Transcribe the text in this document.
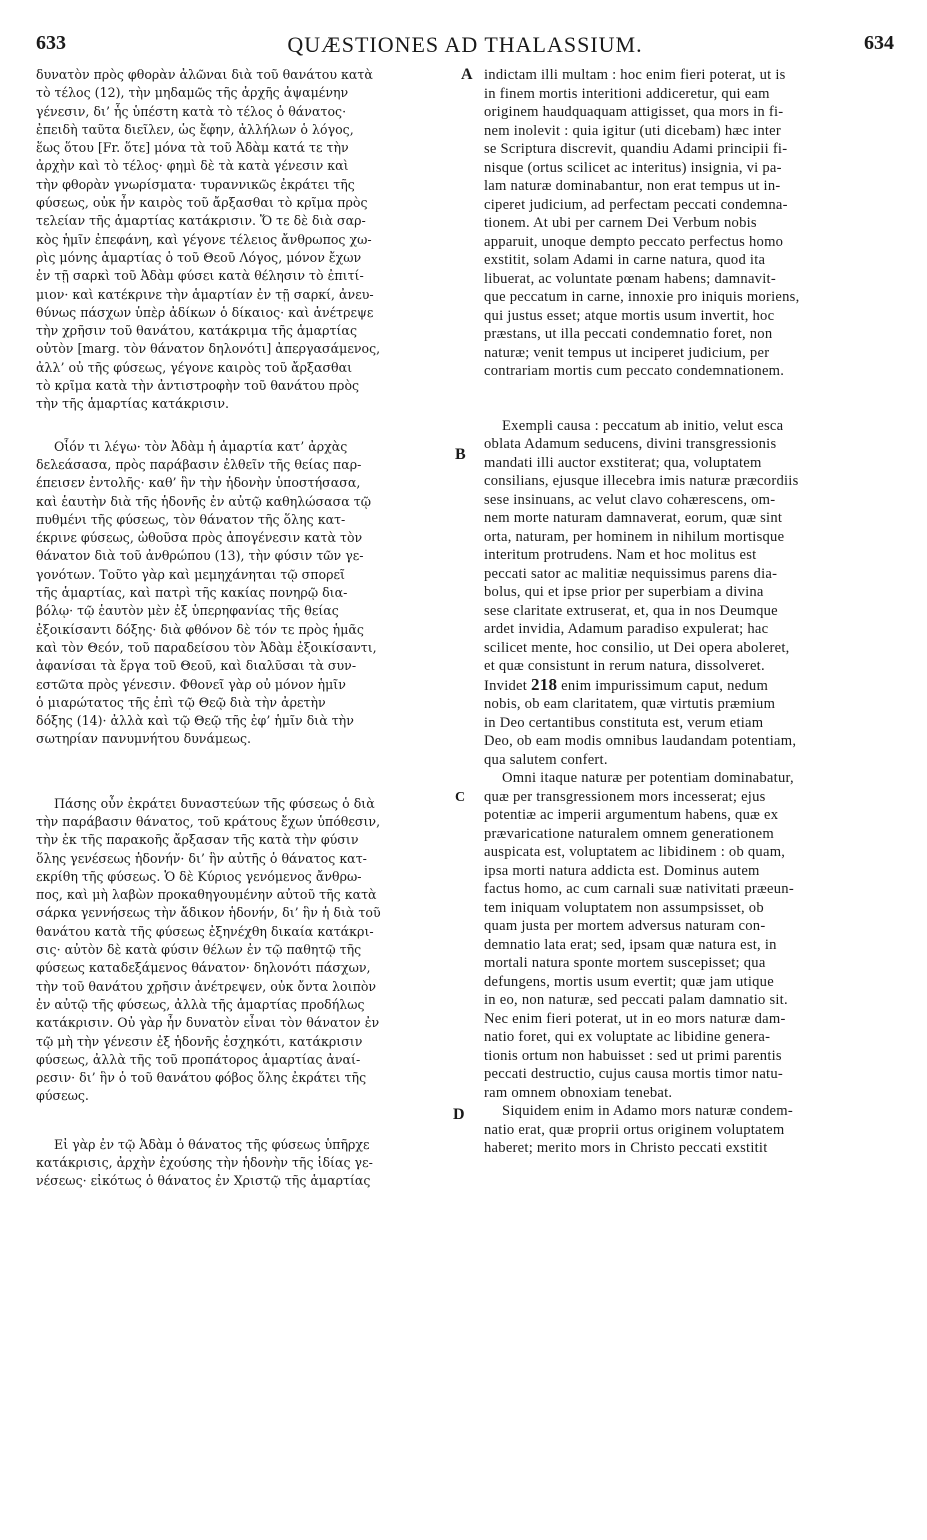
633	QUÆSTIONES AD THALASSIUM.	634
A
B
C
D
δυνατὸν πρὸς φθορὰν ἀλῶναι διὰ τοῦ θανάτου κατὰ
τὸ τέλος (12), τὴν μηδαμῶς τῆς ἀρχῆς ἀψαμένην
γένεσιν, δι’ ἧς ὑπέστη κατὰ τὸ τέλος ὁ θάνατος·
ἐπειδὴ ταῦτα διεῖλεν, ὡς ἔφην, ἀλλήλων ὁ λόγος,
ἕως ὅτου [Fr. ὅτε] μόνα τὰ τοῦ Ἀδὰμ κατά τε τὴν
ἀρχὴν καὶ τὸ τέλος· φημὶ δὲ τὰ κατὰ γένεσιν καὶ
τὴν φθορὰν γνωρίσματα· τυραννικῶς ἐκράτει τῆς
φύσεως, οὐκ ἦν καιρὸς τοῦ ἄρξασθαι τὸ κρῖμα πρὸς
τελείαν τῆς ἁμαρτίας κατάκρισιν. Ὅ τε δὲ διὰ σαρ-
κὸς ἡμῖν ἐπεφάνη, καὶ γέγονε τέλειος ἄνθρωπος χω-
ρὶς μόνης ἁμαρτίας ὁ τοῦ Θεοῦ Λόγος, μόνον ἔχων
ἐν τῇ σαρκὶ τοῦ Ἀδὰμ φύσει κατὰ θέλησιν τὸ ἐπιτί-
μιον· καὶ κατέκρινε τὴν ἁμαρτίαν ἐν τῇ σαρκί, ἀνευ-
θύνως πάσχων ὑπὲρ ἀδίκων ὁ δίκαιος· καὶ ἀνέτρεψε
τὴν χρῆσιν τοῦ θανάτου, κατάκριμα τῆς ἁμαρτίας
οὐτὸν [marg. τὸν θάνατον δηλονότι] ἀπεργασάμενος,
ἀλλ’ οὐ τῆς φύσεως, γέγονε καιρὸς τοῦ ἄρξασθαι
τὸ κρῖμα κατὰ τὴν ἀντιστροφὴν τοῦ θανάτου πρὸς
τὴν τῆς ἁμαρτίας κατάκρισιν.
Οἷόν τι λέγω· τὸν Ἀδὰμ ἡ ἁμαρτία κατ’ ἀρχὰς
δελεάσασα, πρὸς παράβασιν ἐλθεῖν τῆς θείας παρ-
έπεισεν ἐντολῆς· καθ’ ἣν τὴν ἡδονὴν ὑποστήσασα,
καὶ ἑαυτὴν διὰ τῆς ἡδονῆς ἐν αὐτῷ καθηλώσασα τῷ
πυθμένι τῆς φύσεως, τὸν θάνατον τῆς ὅλης κατ-
έκρινε φύσεως, ὠθοῦσα πρὸς ἀπογένεσιν κατὰ τὸν
θάνατον διὰ τοῦ ἀνθρώπου (13), τὴν φύσιν τῶν γε-
γονότων. Τοῦτο γὰρ καὶ μεμηχάνηται τῷ σπορεῖ
τῆς ἁμαρτίας, καὶ πατρὶ τῆς κακίας πονηρῷ δια-
βόλῳ· τῷ ἑαυτὸν μὲν ἐξ ὑπερηφανίας τῆς θείας
ἐξοικίσαντι δόξης· διὰ φθόνον δὲ τόν τε πρὸς ἡμᾶς
καὶ τὸν Θεόν, τοῦ παραδείσου τὸν Ἀδὰμ ἐξοικίσαντι,
ἀφανίσαι τὰ ἔργα τοῦ Θεοῦ, καὶ διαλῦσαι τὰ συν-
εστῶτα πρὸς γένεσιν. Φθονεῖ γὰρ οὐ μόνον ἡμῖν
ὁ μιαρώτατος τῆς ἐπὶ τῷ Θεῷ διὰ τὴν ἀρετὴν
δόξης (14)· ἀλλὰ καὶ τῷ Θεῷ τῆς ἐφ’ ἡμῖν διὰ τὴν
σωτηρίαν πανυμνήτου δυνάμεως.
Πάσης οὖν ἐκράτει δυναστεύων τῆς φύσεως ὁ διὰ
τὴν παράβασιν θάνατος, τοῦ κράτους ἔχων ὑπόθεσιν,
τὴν ἐκ τῆς παρακοῆς ἄρξασαν τῆς κατὰ τὴν φύσιν
ὅλης γενέσεως ἡδονήν· δι’ ἣν αὐτῆς ὁ θάνατος κατ-
εκρίθη τῆς φύσεως. Ὁ δὲ Κύριος γενόμενος ἄνθρω-
πος, καὶ μὴ λαβὼν προκαθηγουμένην αὐτοῦ τῆς κατὰ
σάρκα γεννήσεως τὴν ἄδικον ἡδονήν, δι’ ἣν ἡ διὰ τοῦ
θανάτου κατὰ τῆς φύσεως ἐξηνέχθη δικαία κατάκρι-
σις· αὐτὸν δὲ κατὰ φύσιν θέλων ἐν τῷ παθητῷ τῆς
φύσεως καταδεξάμενος θάνατον· δηλονότι πάσχων,
τὴν τοῦ θανάτου χρῆσιν ἀνέτρεψεν, οὐκ ὄντα λοιπὸν
ἐν αὐτῷ τῆς φύσεως, ἀλλὰ τῆς ἁμαρτίας προδήλως
κατάκρισιν. Οὐ γὰρ ἦν δυνατὸν εἶναι τὸν θάνατον ἐν
τῷ μὴ τὴν γένεσιν ἐξ ἡδονῆς ἐσχηκότι, κατάκρισιν
φύσεως, ἀλλὰ τῆς τοῦ προπάτορος ἁμαρτίας ἀναί-
ρεσιν· δι’ ἣν ὁ τοῦ θανάτου φόβος ὅλης ἐκράτει τῆς
φύσεως.
Εἰ γὰρ ἐν τῷ Ἀδὰμ ὁ θάνατος τῆς φύσεως ὑπῆρχε
κατάκρισις, ἀρχὴν ἐχούσης τὴν ἡδονὴν τῆς ἰδίας γε-
νέσεως· εἰκότως ὁ θάνατος ἐν Χριστῷ τῆς ἁμαρτίας
indictam illi multam : hoc enim fieri poterat, ut is
in finem mortis interitioni addiceretur, qui eam
originem haudquaquam attigisset, qua mors in fi-
nem inolevit : quia igitur (uti dicebam) hæc inter
se Scriptura discrevit, quandiu Adami principii fi-
nisque (ortus scilicet ac interitus) insignia, vi pa-
lam naturæ dominabantur, non erat tempus ut in-
ciperet judicium, ad perfectam peccati condemna-
tionem. At ubi per carnem Dei Verbum nobis
apparuit, unoque dempto peccato perfectus homo
exstitit, solam Adami in carne natura, quod ita
libuerat, ac voluntate pœnam habens; damnavit-
que peccatum in carne, innoxie pro iniquis moriens,
qui justus esset; atque mortis usum invertit, hoc
præstans, ut illa peccati condemnatio foret, non
naturæ; venit tempus ut inciperet judicium, per
contrariam mortis cum peccato condemnationem.
Exempli causa : peccatum ab initio, velut esca
oblata Adamum seducens, divini transgressionis
mandati illi auctor exstiterat; qua, voluptatem
consilians, ejusque illecebra imis naturæ præcordiis
sese insinuans, ac velut clavo cohærescens, om-
nem morte naturam damnaverat, eorum, quæ sint
orta, naturam, per hominem in nihilum mortisque
interitum protrudens. Nam et hoc molitus est
peccati sator ac malitiæ nequissimus parens dia-
bolus, qui et ipse prior per superbiam a divina
sese claritate extruserat, et, qua in nos Deumque
ardet invidia, Adamum paradiso expulerat; hac
scilicet mente, hoc consilio, ut Dei opera aboleret,
et quæ consistunt in rerum natura, dissolveret.
Invidet 218 enim impurissimum caput, nedum
nobis, ob eam claritatem, quæ virtutis præmium
in Deo certantibus constituta est, verum etiam
Deo, ob eam modis omnibus laudandam potentiam,
qua salutem confert.
Omni itaque naturæ per potentiam dominabatur,
quæ per transgressionem mors incesserat; ejus
potentiæ ac imperii argumentum habens, quæ ex
prævaricatione naturalem omnem generationem
auspicata est, voluptatem ac libidinem : ob quam,
ipsa morti natura addicta est. Dominus autem
factus homo, ac cum carnali suæ nativitati præeun-
tem iniquam voluptatem non assumpsisset, ob
quam justa per mortem adversus naturam con-
demnatio lata erat; sed, ipsam quæ natura est, in
mortali natura sponte mortem suscepisset; qua
defungens, mortis usum evertit; quæ jam utique
in eo, non naturæ, sed peccati palam damnatio sit.
Nec enim fieri poterat, ut in eo mors naturæ dam-
natio foret, qui ex voluptate ac libidine genera-
tionis ortum non habuisset : sed ut primi parentis
peccati destructio, cujus causa mortis timor natu-
ram omnem obnoxiam tenebat.
Siquidem enim in Adamo mors naturæ condem-
natio erat, quæ proprii ortus originem voluptatem
haberet; merito mors in Christo peccati exstitit
